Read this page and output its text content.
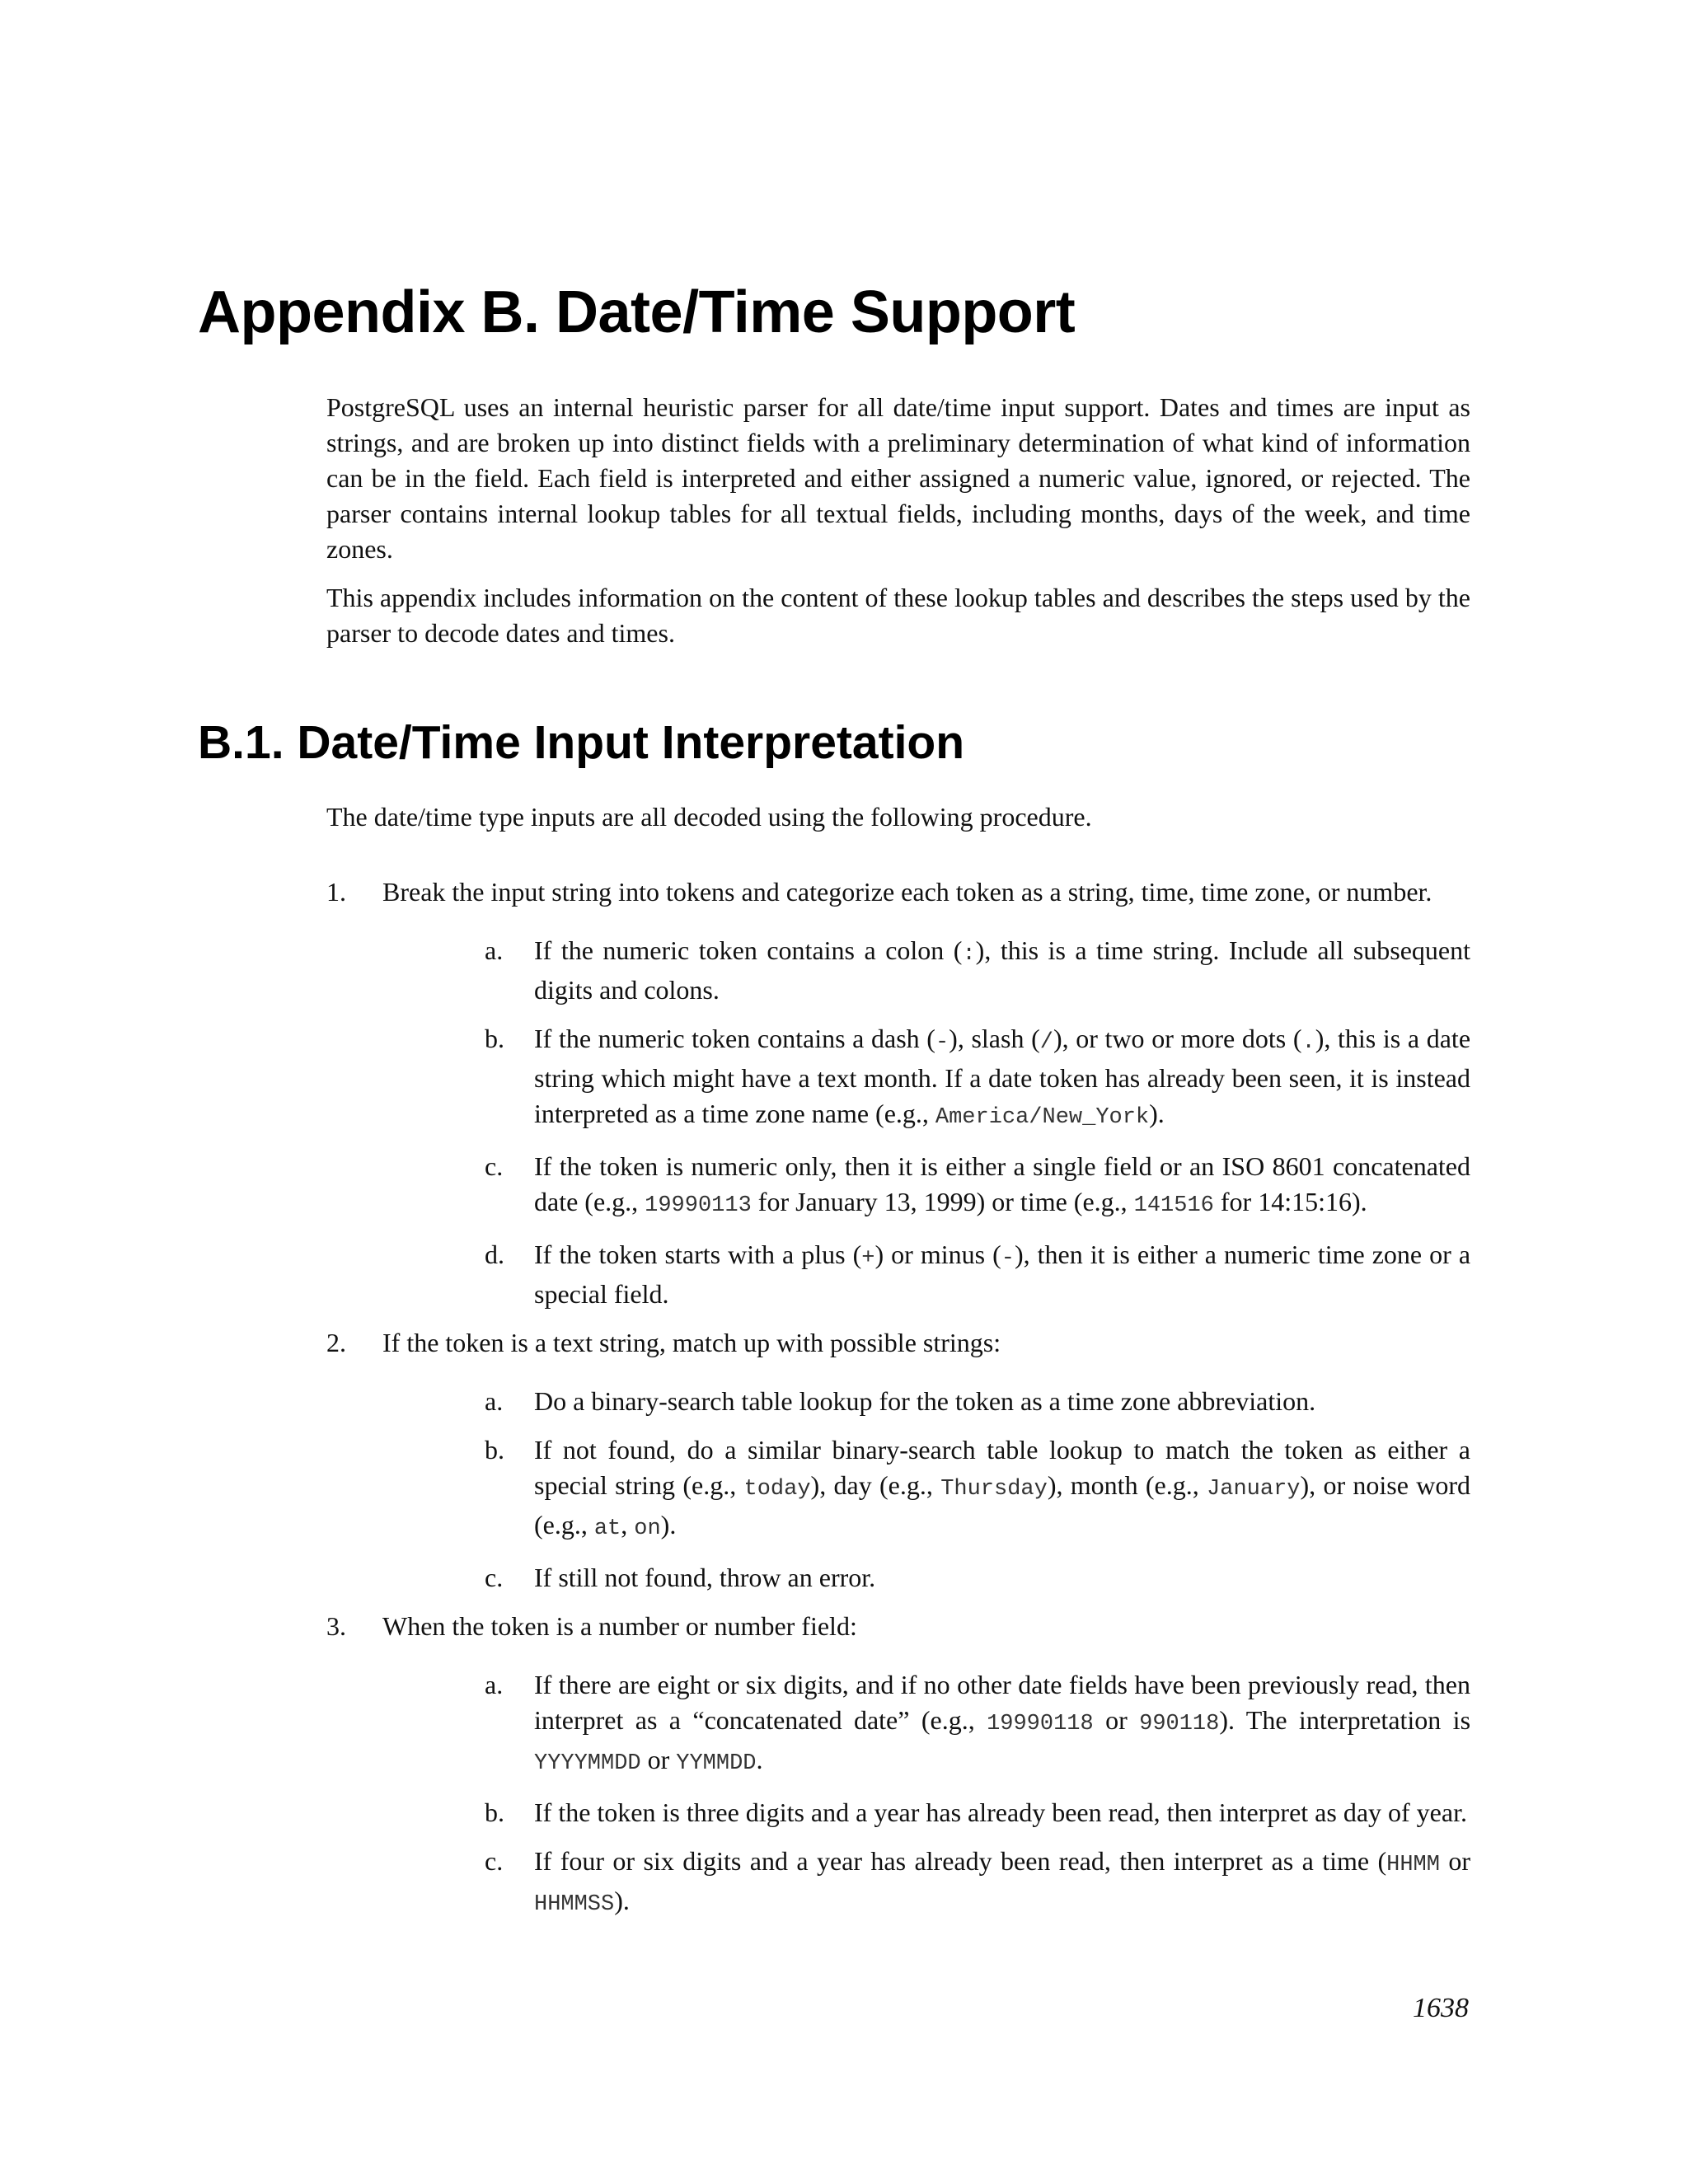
Appendix B. Date/Time Support

PostgreSQL uses an internal heuristic parser for all date/time input support. Dates and times are input as strings, and are broken up into distinct fields with a preliminary determination of what kind of information can be in the field. Each field is interpreted and either assigned a numeric value, ignored, or rejected. The parser contains internal lookup tables for all textual fields, including months, days of the week, and time zones.

This appendix includes information on the content of these lookup tables and describes the steps used by the parser to decode dates and times.

B.1. Date/Time Input Interpretation

The date/time type inputs are all decoded using the following procedure.

1. Break the input string into tokens and categorize each token as a string, time, time zone, or number.

a. If the numeric token contains a colon (:), this is a time string. Include all subsequent digits and colons.
b. If the numeric token contains a dash (-), slash (/), or two or more dots (.), this is a date string which might have a text month. If a date token has already been seen, it is instead interpreted as a time zone name (e.g., America/New_York).
c. If the token is numeric only, then it is either a single field or an ISO 8601 concatenated date (e.g., 19990113 for January 13, 1999) or time (e.g., 141516 for 14:15:16).
d. If the token starts with a plus (+) or minus (-), then it is either a numeric time zone or a special field.
2. If the token is a text string, match up with possible strings:

a. Do a binary-search table lookup for the token as a time zone abbreviation.
b. If not found, do a similar binary-search table lookup to match the token as either a special string (e.g., today), day (e.g., Thursday), month (e.g., January), or noise word (e.g., at, on).
c. If still not found, throw an error.
3. When the token is a number or number field:

a. If there are eight or six digits, and if no other date fields have been previously read, then interpret as a “concatenated date” (e.g., 19990118 or 990118). The interpretation is YYYYMMDD or YYMMDD.
b. If the token is three digits and a year has already been read, then interpret as day of year.
c. If four or six digits and a year has already been read, then interpret as a time (HHMM or HHMMSS).
1638
